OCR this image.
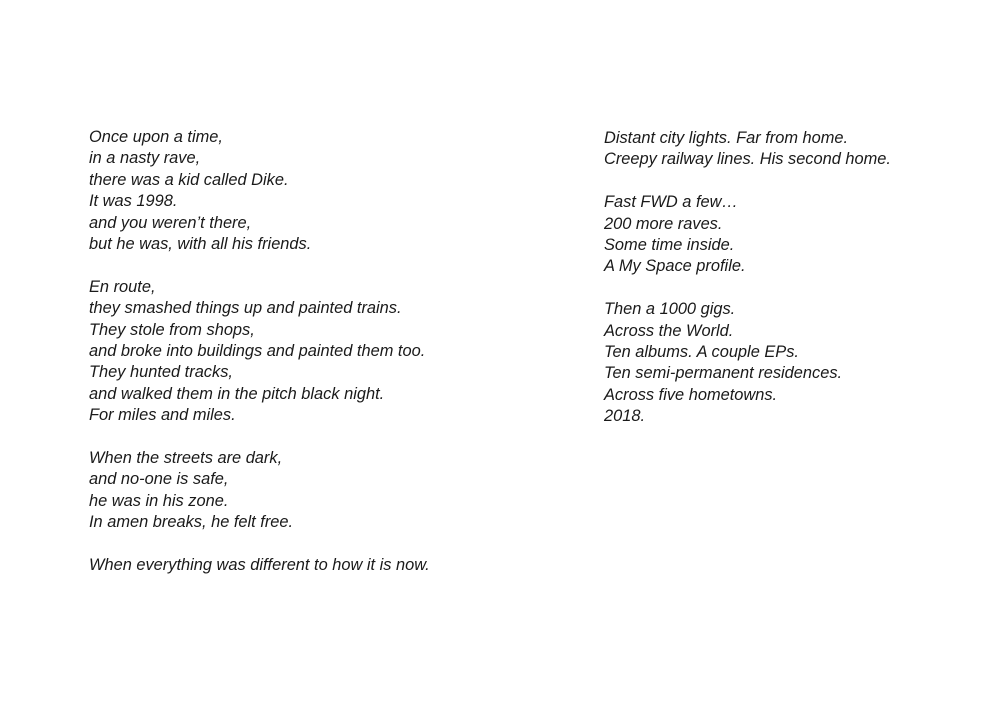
Once upon a time,
in a nasty rave,
there was a kid called Dike.
It was 1998.
and you weren’t there,
but he was, with all his friends.
En route,
they smashed things up and painted trains.
They stole from shops,
and broke into buildings and painted them too.
They hunted tracks,
and walked them in the pitch black night.
For miles and miles.
When the streets are dark,
and no-one is safe,
he was in his zone.
In amen breaks, he felt free.
When everything was different to how it is now.
Distant city lights. Far from home.
Creepy railway lines. His second home.
Fast FWD a few…
200 more raves.
Some time inside.
A My Space profile.
Then a 1000 gigs.
Across the World.
Ten albums. A couple EPs.
Ten semi-permanent residences.
Across five hometowns.
2018.
